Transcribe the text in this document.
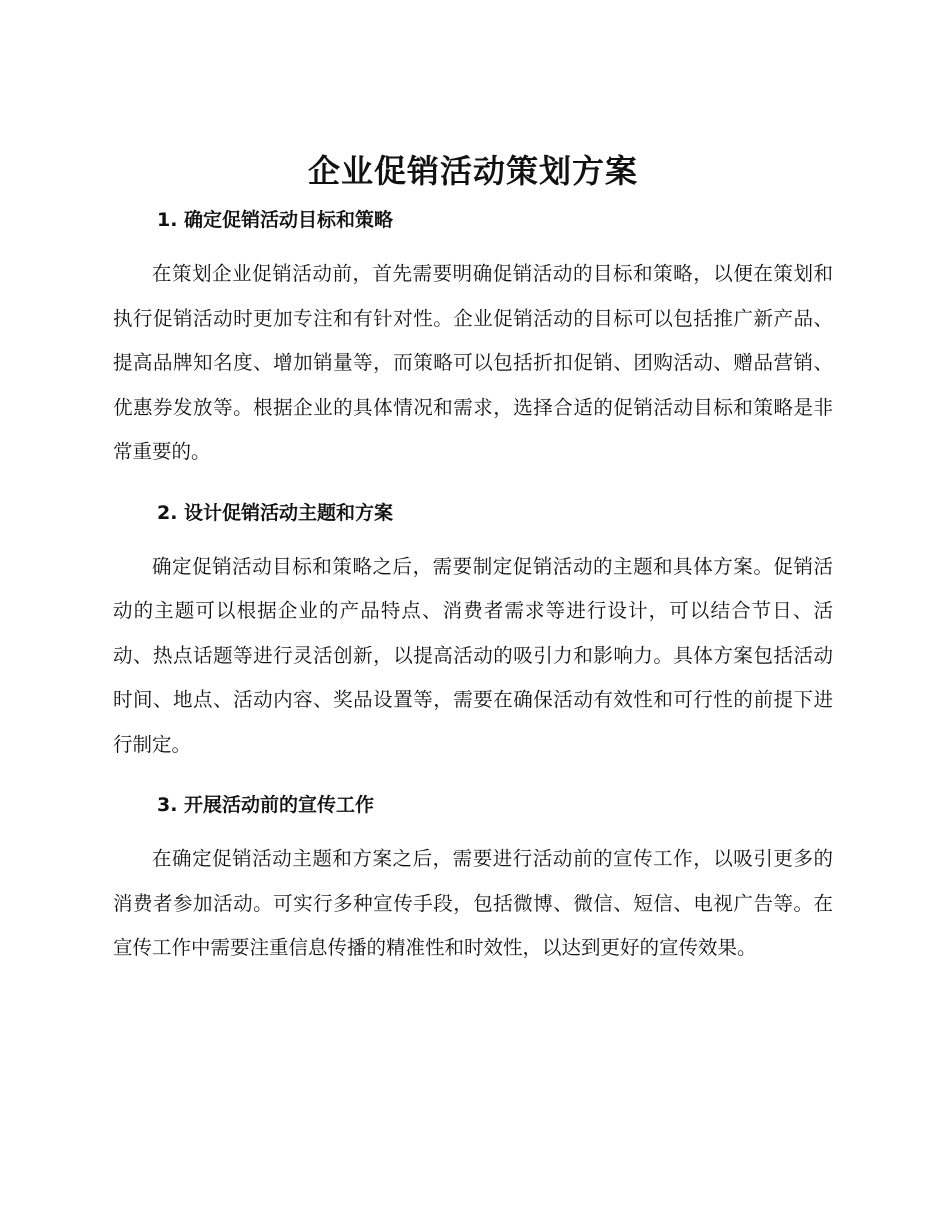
企业促销活动策划方案
1. 确定促销活动目标和策略

在策划企业促销活动前，首先需要明确促销活动的目标和策略，以便在策划和执行促销活动时更加专注和有针对性。企业促销活动的目标可以包括推广新产品、提高品牌知名度、增加销量等，而策略可以包括折扣促销、团购活动、赠品营销、优惠券发放等。根据企业的具体情况和需求，选择合适的促销活动目标和策略是非常重要的。

2. 设计促销活动主题和方案

确定促销活动目标和策略之后，需要制定促销活动的主题和具体方案。促销活动的主题可以根据企业的产品特点、消费者需求等进行设计，可以结合节日、活动、热点话题等进行灵活创新，以提高活动的吸引力和影响力。具体方案包括活动时间、地点、活动内容、奖品设置等，需要在确保活动有效性和可行性的前提下进行制定。

3. 开展活动前的宣传工作

在确定促销活动主题和方案之后，需要进行活动前的宣传工作，以吸引更多的消费者参加活动。可实行多种宣传手段，包括微博、微信、短信、电视广告等。在宣传工作中需要注重信息传播的精准性和时效性，以达到更好的宣传效果。
